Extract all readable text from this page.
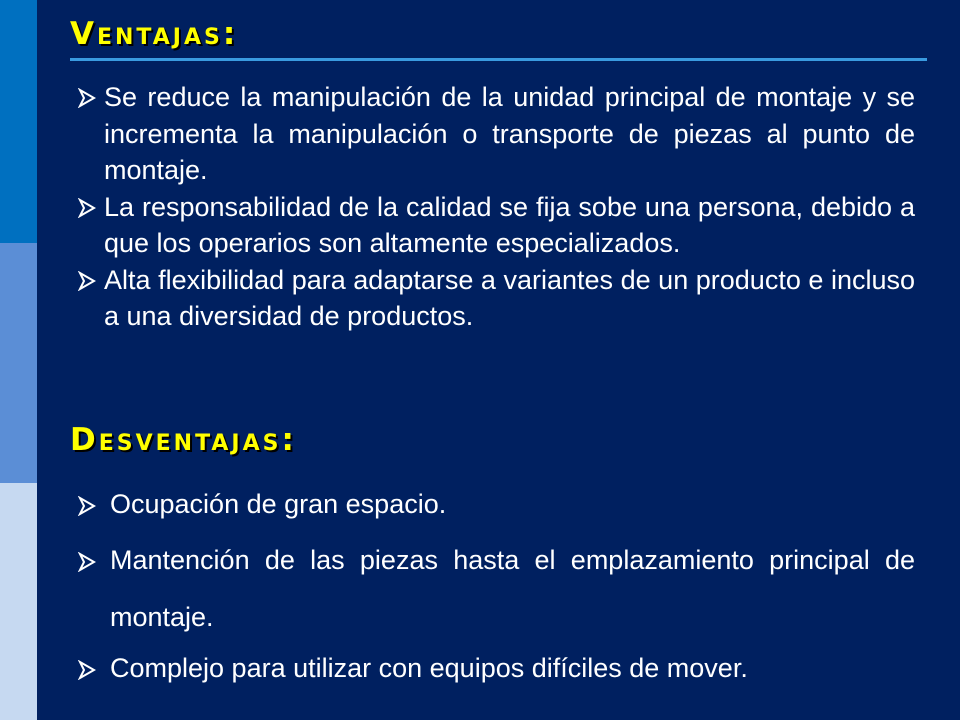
Ventajas:
Se reduce la manipulación de la unidad principal de montaje y se incrementa la manipulación o transporte de piezas al punto de montaje.
La responsabilidad de la calidad se fija sobe una persona, debido a que los operarios son altamente especializados.
Alta flexibilidad para adaptarse a variantes de un producto e incluso a una diversidad de productos.
Desventajas:
Ocupación de gran espacio.
Mantención de las piezas hasta el emplazamiento principal de montaje.
Complejo para utilizar con equipos difíciles de mover.
